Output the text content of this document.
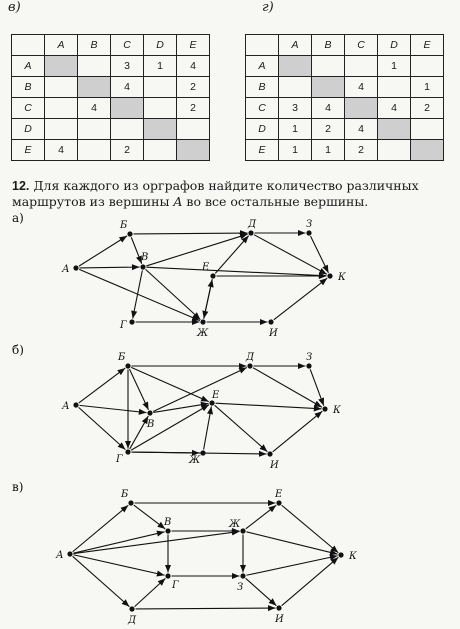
в)
	A	B	C	D	E
A			3	1	4
B			4		2
C		4			2
D					
E	4		2		
г)
	A	B	C	D	E
A				1	
B			4		1
C	3	4		4	2
D	1	2	4		
E	1	1	2		
12. Для каждого из орграфов найдите количество различных маршрутов из вершины A во все остальные вершины.
а)
А
Б
В
Г
Д
Е
Ж
З
И
К
б)
А
Б
В
Г
Д
Е
Ж
З
И
К
в)
А
Б
В
Г
Д
Е
Ж
З
И
К
